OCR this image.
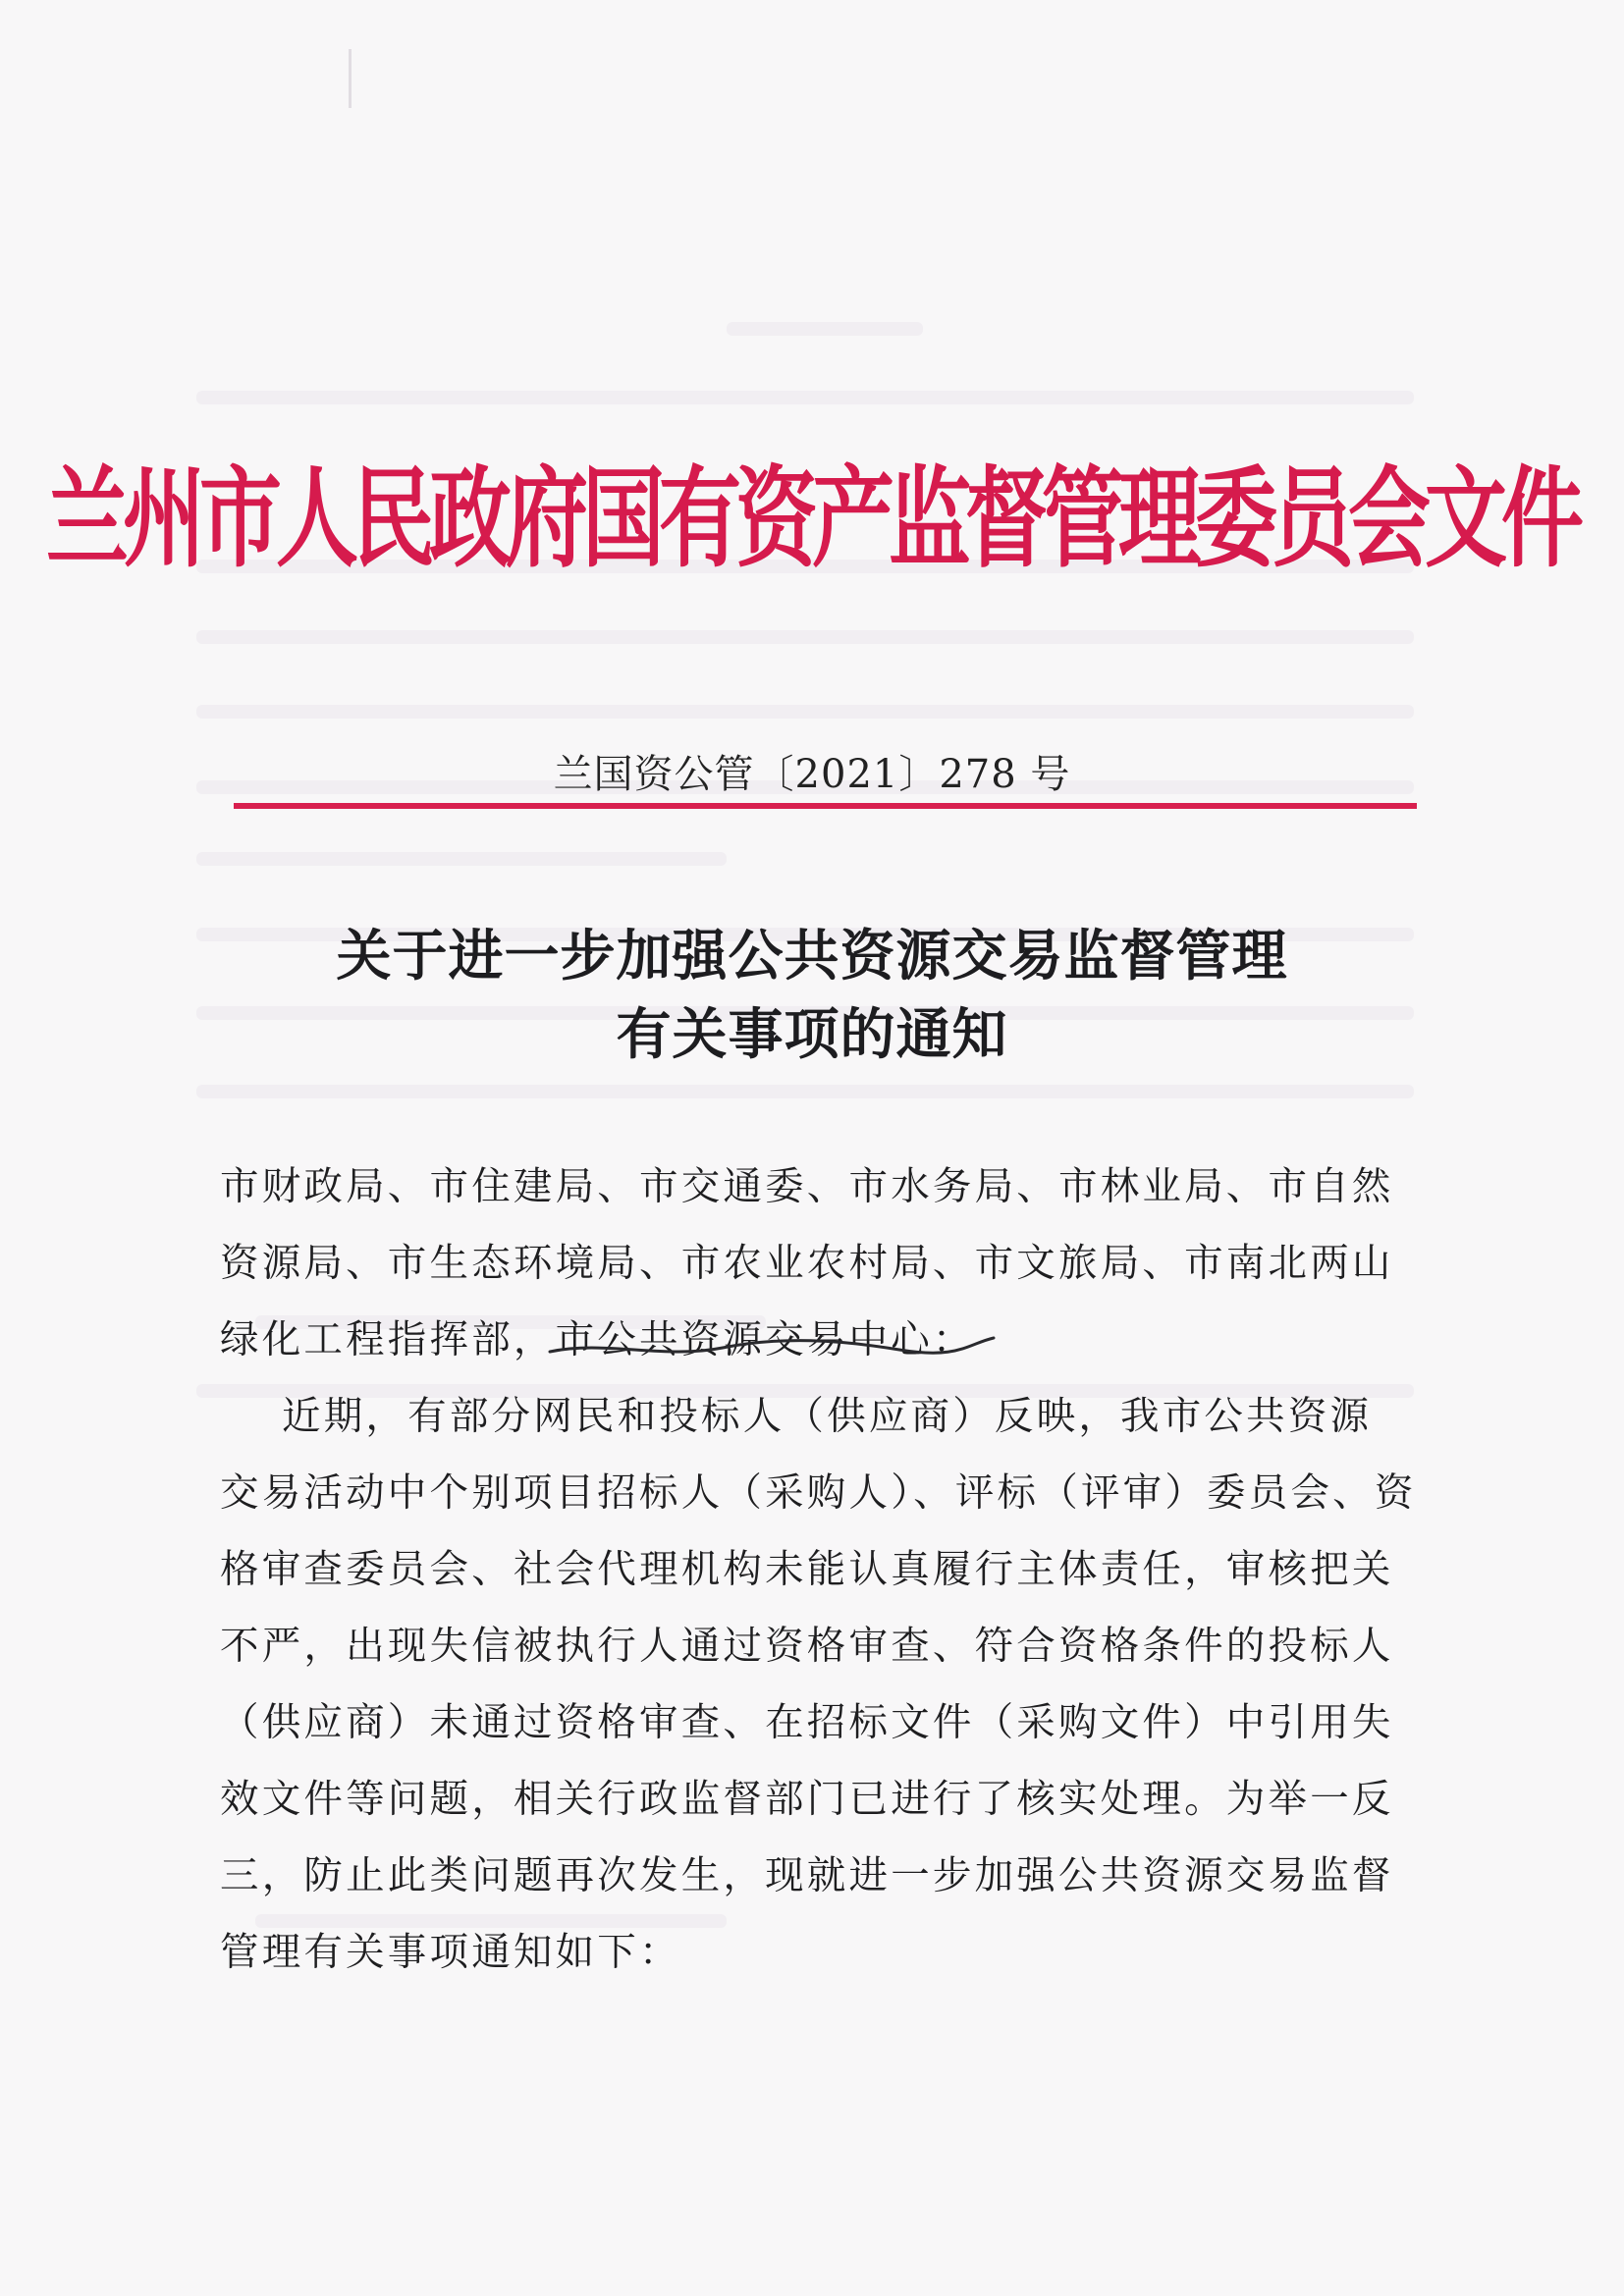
兰州市人民政府国有资产监督管理委员会文件
兰国资公管〔2021〕278 号
关于进一步加强公共资源交易监督管理
有关事项的通知
市财政局、市住建局、市交通委、市水务局、市林业局、市自然
资源局、市生态环境局、市农业农村局、市文旅局、市南北两山
绿化工程指挥部，市公共资源交易中心：
近期，有部分网民和投标人（供应商）反映，我市公共资源
交易活动中个别项目招标人（采购人）、评标（评审）委员会、资
格审查委员会、社会代理机构未能认真履行主体责任，审核把关
不严，出现失信被执行人通过资格审查、符合资格条件的投标人
（供应商）未通过资格审查、在招标文件（采购文件）中引用失
效文件等问题，相关行政监督部门已进行了核实处理。为举一反
三，防止此类问题再次发生，现就进一步加强公共资源交易监督
管理有关事项通知如下：
